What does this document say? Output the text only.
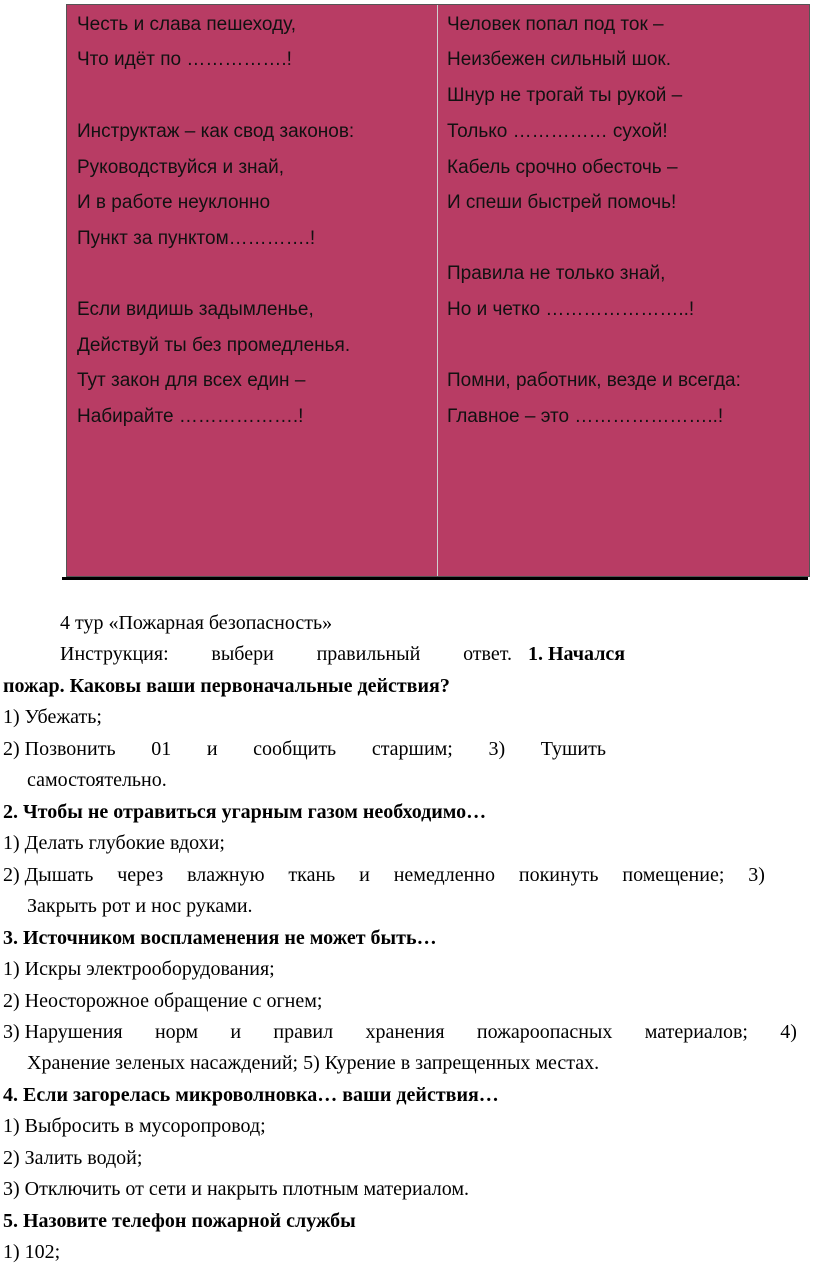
Честь и слава пешеходу,
Что идёт по …………….!
Инструктаж – как свод законов:
Руководствуйся и знай,
И в работе неуклонно
Пункт за пунктом………….!
Если видишь задымленье,
Действуй ты без промедленья.
Тут закон для всех един –
Набирайте ……………….!
Человек попал под ток –
Неизбежен сильный шок.
Шнур не трогай ты рукой –
Только …………… сухой!
Кабель срочно обесточь –
И спеши быстрей помочь!
Правила не только знай,
Но и четко …………………..!
Помни, работник, везде и всегда:
Главное – это …………………..!
4 тур «Пожарная безопасность»
Инструкция: выбери правильный ответ. 1. Начался
пожар. Каковы ваши первоначальные действия?
1) Убежать;
2) Позвонить 01 и сообщить старшим; 3) Тушить
самостоятельно.
2. Чтобы не отравиться угарным газом необходимо…
1) Делать глубокие вдохи;
2) Дышать через влажную ткань и немедленно покинуть помещение; 3)
Закрыть рот и нос руками.
3. Источником воспламенения не может быть…
1) Искры электрооборудования;
2) Неосторожное обращение с огнем;
3) Нарушения норм и правил хранения пожароопасных материалов; 4)
Хранение зеленых насаждений; 5) Курение в запрещенных местах.
4. Если загорелась микроволновка… ваши действия…
1) Выбросить в мусоропровод;
2) Залить водой;
3) Отключить от сети и накрыть плотным материалом.
5. Назовите телефон пожарной службы
1) 102;
